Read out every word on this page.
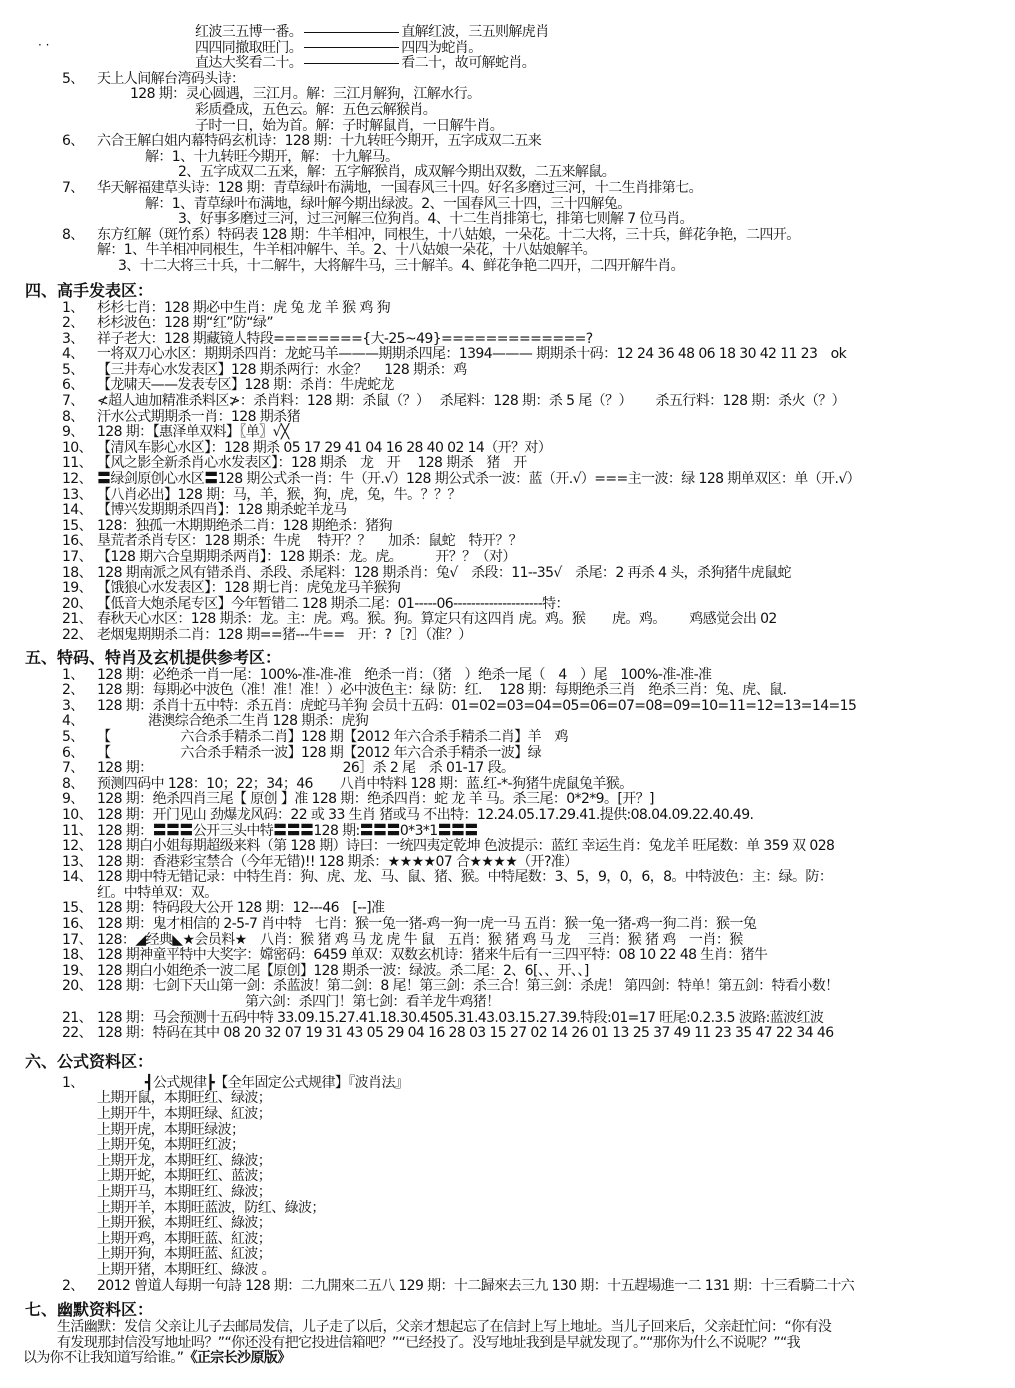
· ·
红波三五博一番。	直解红波，三五则解虎肖
四四同撤取旺门。	四四为蛇肖。
直达大奖看二十。	看二十，故可解蛇肖。
5、 天上人间解台湾码头诗：
128 期：灵心圆遇，三江月。解：三江月解狗，江解水行。
彩质叠成，五色云。解：五色云解猴肖。
子时一日，始为首。解：子时解鼠肖，一日解牛肖。
6、 六合王解白姐内幕特码玄机诗：128 期：十九转旺今期开，五字成双二五来
解：1、十九转旺今期开，解： 十九解马。
2、五字成双二五来，解：五字解猴肖，成双解今期出双数，二五来解鼠。
7、 华天解福建草头诗：128 期：青草绿叶布满地，一国春风三十四。好名多磨过三河，十二生肖排第七。
解：1、青草绿叶布满地，绿叶解今期出绿波。2、一国春风三十四，三十四解兔。
3、好事多磨过三河，过三河解三位狗肖。4、十二生肖排第七，排第七则解 7 位马肖。
8、 东方红解（斑竹系）特码表 128 期：牛羊相冲，同根生，十八姑娘，一朵花。十二大将，三十兵，鲜花争艳，二四开。
解：1、牛羊相冲同根生，牛羊相冲解牛、羊。2、十八姑娘一朵花，十八姑娘解羊。
3、十二大将三十兵，十二解牛，大将解牛马，三十解羊。4、鲜花争艳二四开，二四开解牛肖。
四、高手发表区：
1、 杉杉七肖：128 期必中生肖：虎 兔 龙 羊 猴 鸡 狗
2、 杉杉波色：128 期“红”防“绿”
3、 祥子老大：128 期藏镜人特段========{大-25~49}=============?
4、 一将双刀心水区：期期杀四肖：龙蛇马羊———期期杀四尾：1394——— 期期杀十码：12 24 36 48 06 18 30 42 11 23　ok
5、 【三井寿心水发表区】128 期杀两行：水金？　 128 期杀：鸡
6、 【龙啸天——发表专区】128 期：杀肖：牛虎蛇龙
7、 ≮超人迪加精准杀料区≯：杀肖料：128 期：杀鼠（？）　 杀尾料：128 期：杀 5 尾（？）　　 杀五行料：128 期：杀火（？）
8、 汗水公式期期杀一肖：128 期杀猪
9、 128 期：【惠泽单双料】〖单〗√╳
10、 【清风车影心水区】：128 期杀 05 17 29 41 04 16 28 40 02 14（开？对）
11、 【风之影全新杀肖心水发表区】：128 期杀　龙　开　 128 期杀　猪　开
12、 〓绿剑原创心水区〓128 期公式杀一肖：牛（开.√）128 期公式杀一波：蓝（开.√）===主一波：绿 128 期单双区：单（开.√）
13、 【八肖必出】128 期：马，羊，猴，狗，虎，兔，牛。？？？
14、 【博兴发期期杀四肖】：128 期杀蛇羊龙马
15、 128：独孤一木期期绝杀二肖：128 期绝杀：猪狗
16、 垦荒者杀肖专区：128 期杀：牛虎　 特开？？　 加杀：鼠蛇　特开？？
17、 【128 期六合皇期期杀两肖】：128 期杀：龙。虎。　　　开？？（对）
18、 128 期南派之风有错杀肖、杀段、杀尾料：128 期杀肖：兔√　杀段：11--35√　杀尾：2 再杀 4 头，杀狗猪牛虎鼠蛇
19、 【饿狼心水发表区】：128 期七肖：虎兔龙马羊猴狗
20、 【低音大炮杀尾专区】今年暂错二 128 期杀二尾：01-----06--------------------特：
21、 春秋天心水区：128 期杀：龙。主：虎。鸡。猴。狗。算定只有这四肖 虎。鸡。猴　　虎。鸡。　　 鸡感觉会出 02
22、 老烟鬼期期杀二肖：128 期==猪---牛==　开：?［?］（准？）
五、特码、特肖及玄机提供参考区：
1、 128 期：必绝杀一肖一尾：100%-准-准-准　绝杀一肖：（猪　）绝杀一尾（　4　）尾　100%-准-准-准
2、 128 期：每期必中波色（准！准！准！）必中波色主：绿 防：红.　 128 期：每期绝杀三肖　绝杀三肖：兔、虎、鼠.
3、 128 期：杀肖十五中特：杀五肖：虎蛇马羊狗 会员十五码：01=02=03=04=05=06=07=08=09=10=11=12=13=14=15
4、	港澳综合绝杀二生肖 128 期杀：虎狗
5、 【	六合杀手精杀二肖】128 期【2012 年六合杀手精杀二肖】羊　鸡
6、 【	六合杀手精杀一波】128 期【2012 年六合杀手精杀一波】绿
7、 128 期：	26］杀 2 尾　杀 01-17 段。
8、 预测四码中 128：10；22；34；46　　八肖中特料 128 期：蓝.红-*-狗猪牛虎鼠兔羊猴。
9、 128 期：绝杀四肖三尾【 原创 】准 128 期：绝杀四肖：蛇 龙 羊 马。杀三尾：0*2*9。[开？]
10、 128 期：开门见山 劲爆龙风码：22 或 33 生肖 猪或马 不出特：12.24.05.17.29.41.提供:08.04.09.22.40.49.
11、 128 期：〓〓〓公开三头中特〓〓〓128 期:〓〓〓0*3*1〓〓〓
12、 128 期白小姐每期超级来料（第 128 期）诗曰：一统四夷定乾坤 色波提示：蓝红 幸运生肖：兔龙羊 旺尾数：单 359 双 028
13、 128 期：香港彩宝禁合（今年无错)!! 128 期杀：★★★★07 合★★★★（开?准）
14、 128 期中特无错记录：中特生肖：狗、虎、龙、马、鼠、猪、猴。中特尾数：3、5，9，0，6，8。中特波色：主：绿。防：
红。中特单双：双。
15、 128 期：特码段大公开 128 期：12---46　[--]准
16、 128 期：鬼才相信的 2-5-7 肖中特　七肖：猴一兔一猪-鸡一狗一虎一马 五肖：猴一兔一猪-鸡一狗二肖：猴一兔
17、 128：◢经典◣★会员料★　八肖：猴 猪 鸡 马 龙 虎 牛 鼠　五肖：猴 猪 鸡 马 龙　 三肖：猴 猪 鸡　一肖：猴
18、 128 期神童平特中大奖字：嫦密码：6459 单双：双数玄机诗：猪来牛后有一三四平特：08 10 22 48 生肖：猪牛
19、 128 期白小姐绝杀一波二尾【原创】128 期杀一波：绿波。杀二尾：2、6[、、开、、]
20、 128 期：七剑下天山第一剑：杀蓝波！第二剑：8 尾！第三剑：杀三合！第三剑：杀虎！ 第四剑：特单！第五剑：特看小数！
第六剑：杀四门！第七剑：看羊龙牛鸡猪！
21、 128 期：马会预测十五码中特 33.09.15.27.41.18.30.4505.31.43.03.15.27.39.特段:01=17 旺尾:0.2.3.5 波路:蓝波红波
22、 128 期：特码在其中 08 20 32 07 19 31 43 05 29 04 16 28 03 15 27 02 14 26 01 13 25 37 49 11 23 35 47 22 34 46
六、公式资料区：
1、	┫公式规律┣【全年固定公式规律】『波肖法』
上期开鼠，本期旺红、绿波；
上期开牛，本期旺绿、紅波；
上期开虎，本期旺绿波；
上期开兔，本期旺红波；
上期开龙，本期旺红、綠波；
上期开蛇，本期旺红、蓝波；
上期开马，本期旺红、綠波；
上期开羊，本期旺蓝波，防红、綠波；
上期开猴，本期旺红、綠波；
上期开鸡，本期旺蓝、紅波；
上期开狗，本期旺蓝、紅波；
上期开猪，本期旺红、綠波 。
2、 2012 曾道人每期一句詩 128 期：二九開來二五八 129 期：十二歸來去三九 130 期：十五趕場進一二 131 期：十三看騎二十六
七、幽默资料区：
生活幽默：发信 父亲让儿子去邮局发信，儿子走了以后，父亲才想起忘了在信封上写上地址。当儿子回来后，父亲赶忙问：“你有没
有发现那封信没写地址吗？”“你还没有把它投进信箱吧？”“已经投了。没写地址我到是早就发现了。”“那你为什么不说呢？”“我
以为你不让我知道写给谁。”《正宗长沙原版》
